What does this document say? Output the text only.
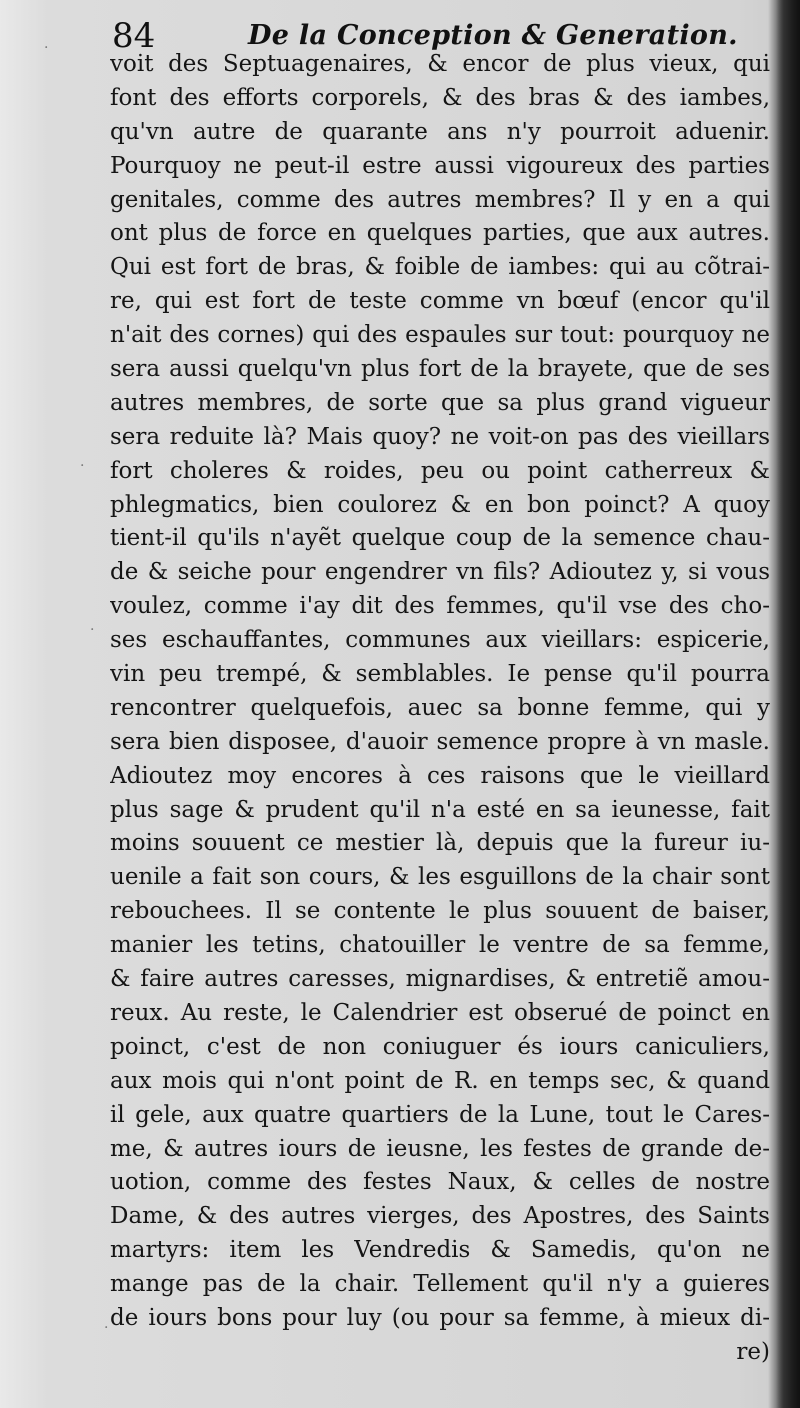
84	De la Conception & Generation.
·
·
·
·
voit des Septuagenaires, & encor de plus vieux, qui
font des efforts corporels, & des bras & des iambes,
qu'vn autre de quarante ans n'y pourroit aduenir.
Pourquoy ne peut-il estre aussi vigoureux des parties
genitales, comme des autres membres? Il y en a qui
ont plus de force en quelques parties, que aux autres.
Qui est fort de bras, & foible de iambes: qui au cõtrai-
re, qui est fort de teste comme vn bœuf (encor qu'il
n'ait des cornes) qui des espaules sur tout: pourquoy ne
sera aussi quelqu'vn plus fort de la brayete, que de ses
autres membres, de sorte que sa plus grand vigueur
sera reduite là? Mais quoy? ne voit-on pas des vieillars
fort choleres & roides, peu ou point catherreux &
phlegmatics, bien coulorez & en bon poinct? A quoy
tient-il qu'ils n'ayẽt quelque coup de la semence chau-
de & seiche pour engendrer vn fils? Adioutez y, si vous
voulez, comme i'ay dit des femmes, qu'il vse des cho-
ses eschauffantes, communes aux vieillars: espicerie,
vin peu trempé, & semblables. Ie pense qu'il pourra
rencontrer quelquefois, auec sa bonne femme, qui y
sera bien disposee, d'auoir semence propre à vn masle.
Adioutez moy encores à ces raisons que le vieillard
plus sage & prudent qu'il n'a esté en sa ieunesse, fait
moins souuent ce mestier là, depuis que la fureur iu-
uenile a fait son cours, & les esguillons de la chair sont
rebouchees. Il se contente le plus souuent de baiser,
manier les tetins, chatouiller le ventre de sa femme,
& faire autres caresses, mignardises, & entretiẽ amou-
reux. Au reste, le Calendrier est obserué de poinct en
poinct, c'est de non coniuguer és iours caniculiers,
aux mois qui n'ont point de R. en temps sec, & quand
il gele, aux quatre quartiers de la Lune, tout le Cares-
me, & autres iours de ieusne, les festes de grande de-
uotion, comme des festes Naux, & celles de nostre
Dame, & des autres vierges, des Apostres, des Saints
martyrs: item les Vendredis & Samedis, qu'on ne
mange pas de la chair. Tellement qu'il n'y a guieres
de iours bons pour luy (ou pour sa femme, à mieux di-
re)
